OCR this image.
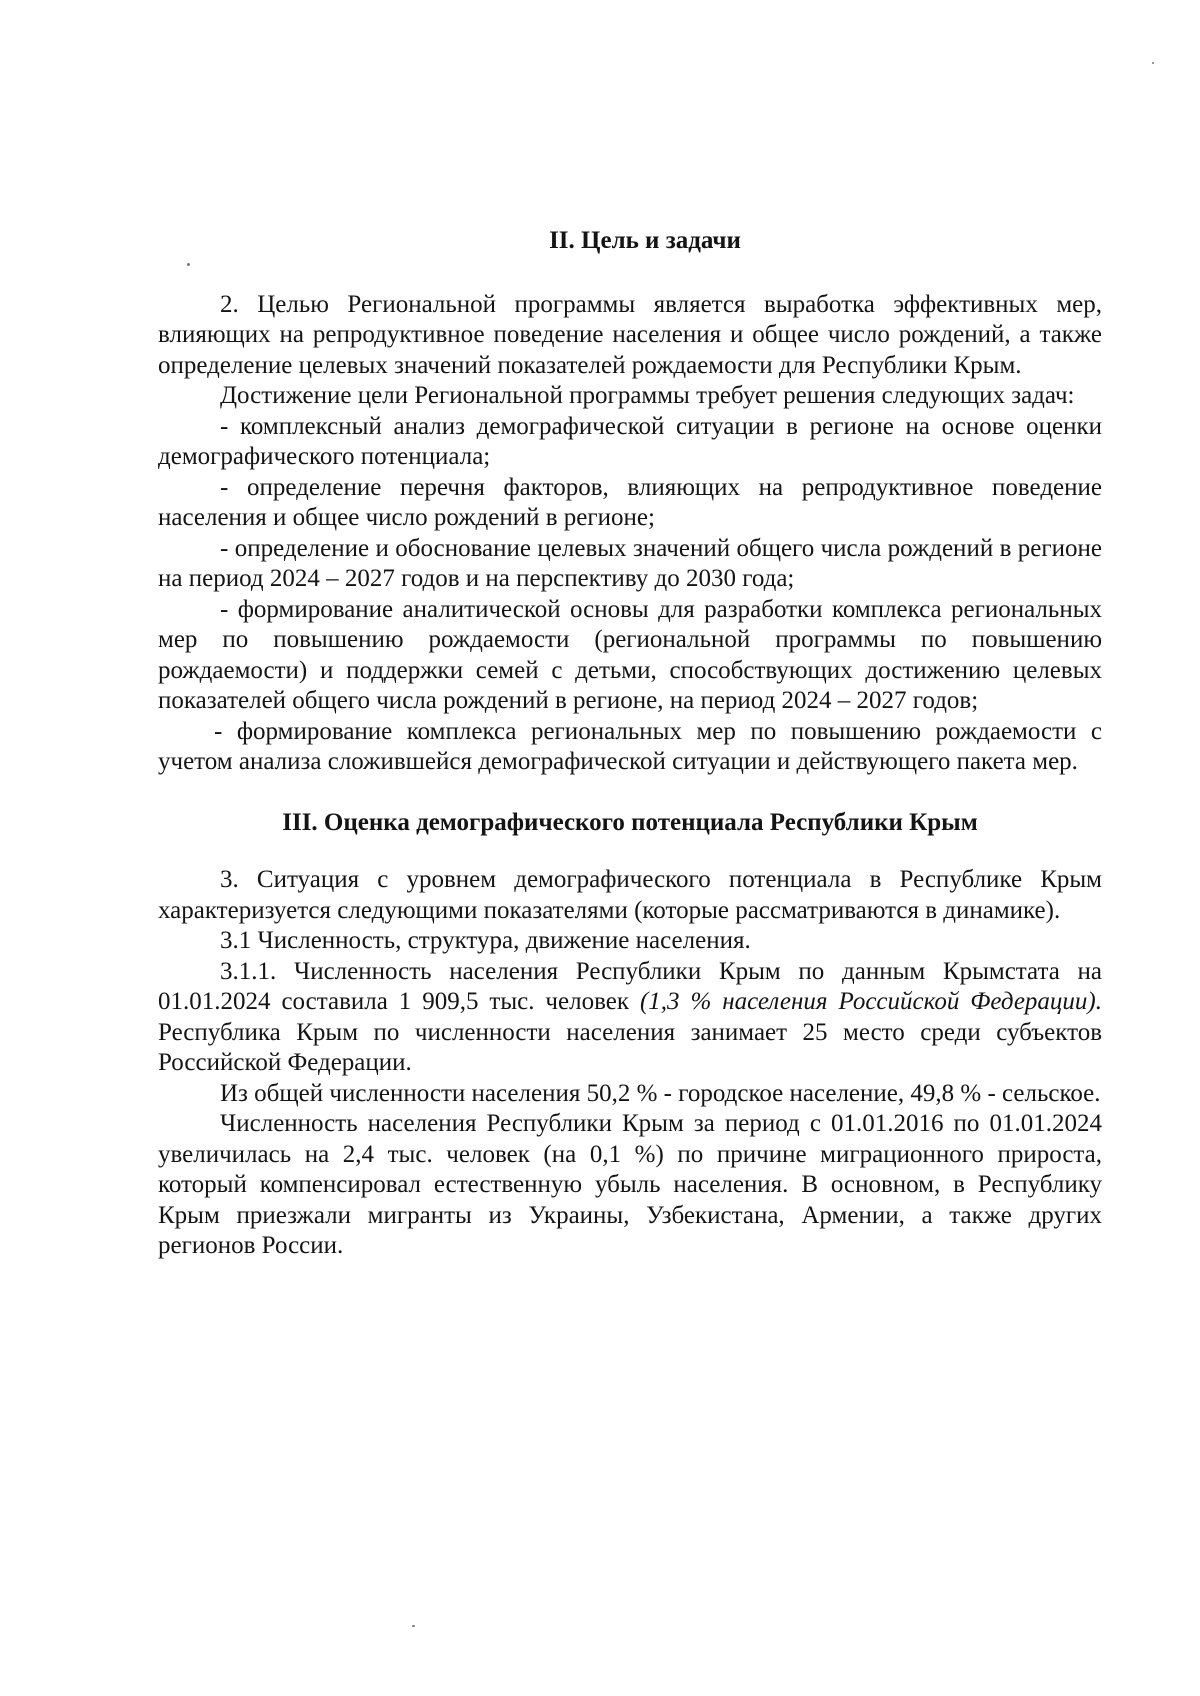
II. Цель и задачи

2. Целью Региональной программы является выработка эффективных мер, влияющих на репродуктивное поведение населения и общее число рождений, а также определение целевых значений показателей рождаемости для Республики Крым.

Достижение цели Региональной программы требует решения следующих задач:

- комплексный анализ демографической ситуации в регионе на основе оценки демографического потенциала;

- определение перечня факторов, влияющих на репродуктивное поведение населения и общее число рождений в регионе;

- определение и обоснование целевых значений общего числа рождений в регионе на период 2024 – 2027 годов и на перспективу до 2030 года;

- формирование аналитической основы для разработки комплекса региональных мер по повышению рождаемости (региональной программы по повышению рождаемости) и поддержки семей с детьми, способствующих достижению целевых показателей общего числа рождений в регионе, на период 2024 – 2027 годов;

- формирование комплекса региональных мер по повышению рождаемости с учетом анализа сложившейся демографической ситуации и действующего пакета мер.

III. Оценка демографического потенциала Республики Крым

3. Ситуация с уровнем демографического потенциала в Республике Крым характеризуется следующими показателями (которые рассматриваются в динамике).

3.1 Численность, структура, движение населения.

3.1.1. Численность населения Республики Крым по данным Крымстата на 01.01.2024 составила 1 909,5 тыс. человек (1,3 % населения Российской Федерации). Республика Крым по численности населения занимает 25 место среди субъектов Российской Федерации.

Из общей численности населения 50,2 % - городское население, 49,8 % - сельское.

Численность населения Республики Крым за период с 01.01.2016 по 01.01.2024 увеличилась на 2,4 тыс. человек (на 0,1 %) по причине миграционного прироста, который компенсировал естественную убыль населения. В основном, в Республику Крым приезжали мигранты из Украины, Узбекистана, Армении, а также других регионов России.
